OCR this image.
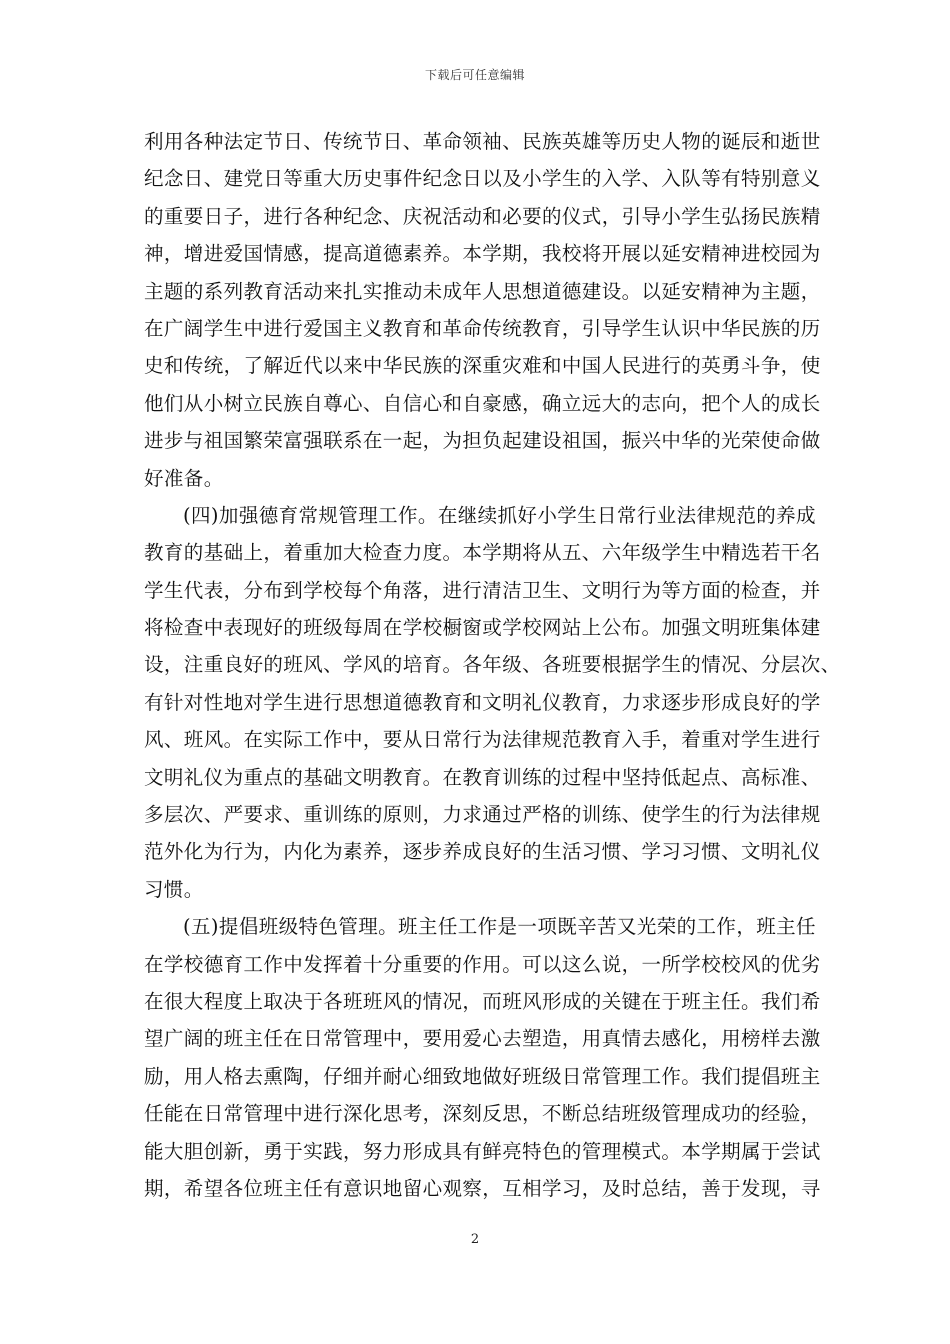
下载后可任意编辑
利用各种法定节日、传统节日、革命领袖、民族英雄等历史人物的诞辰和逝世
纪念日、建党日等重大历史事件纪念日以及小学生的入学、入队等有特别意义
的重要日子，进行各种纪念、庆祝活动和必要的仪式，引导小学生弘扬民族精
神，增进爱国情感，提高道德素养。本学期，我校将开展以延安精神进校园为
主题的系列教育活动来扎实推动未成年人思想道德建设。以延安精神为主题，
在广阔学生中进行爱国主义教育和革命传统教育，引导学生认识中华民族的历
史和传统，了解近代以来中华民族的深重灾难和中国人民进行的英勇斗争，使
他们从小树立民族自尊心、自信心和自豪感，确立远大的志向，把个人的成长
进步与祖国繁荣富强联系在一起，为担负起建设祖国，振兴中华的光荣使命做
好准备。
(四)加强德育常规管理工作。在继续抓好小学生日常行业法律规范的养成
教育的基础上，着重加大检查力度。本学期将从五、六年级学生中精选若干名
学生代表，分布到学校每个角落，进行清洁卫生、文明行为等方面的检查，并
将检查中表现好的班级每周在学校橱窗或学校网站上公布。加强文明班集体建
设，注重良好的班风、学风的培育。各年级、各班要根据学生的情况、分层次、
有针对性地对学生进行思想道德教育和文明礼仪教育，力求逐步形成良好的学
风、班风。在实际工作中，要从日常行为法律规范教育入手，着重对学生进行
文明礼仪为重点的基础文明教育。在教育训练的过程中坚持低起点、高标准、
多层次、严要求、重训练的原则，力求通过严格的训练、使学生的行为法律规
范外化为行为，内化为素养，逐步养成良好的生活习惯、学习习惯、文明礼仪
习惯。
(五)提倡班级特色管理。班主任工作是一项既辛苦又光荣的工作，班主任
在学校德育工作中发挥着十分重要的作用。可以这么说，一所学校校风的优劣
在很大程度上取决于各班班风的情况，而班风形成的关键在于班主任。我们希
望广阔的班主任在日常管理中，要用爱心去塑造，用真情去感化，用榜样去激
励，用人格去熏陶，仔细并耐心细致地做好班级日常管理工作。我们提倡班主
任能在日常管理中进行深化思考，深刻反思，不断总结班级管理成功的经验，
能大胆创新，勇于实践，努力形成具有鲜亮特色的管理模式。本学期属于尝试
期，希望各位班主任有意识地留心观察，互相学习，及时总结，善于发现，寻
2
